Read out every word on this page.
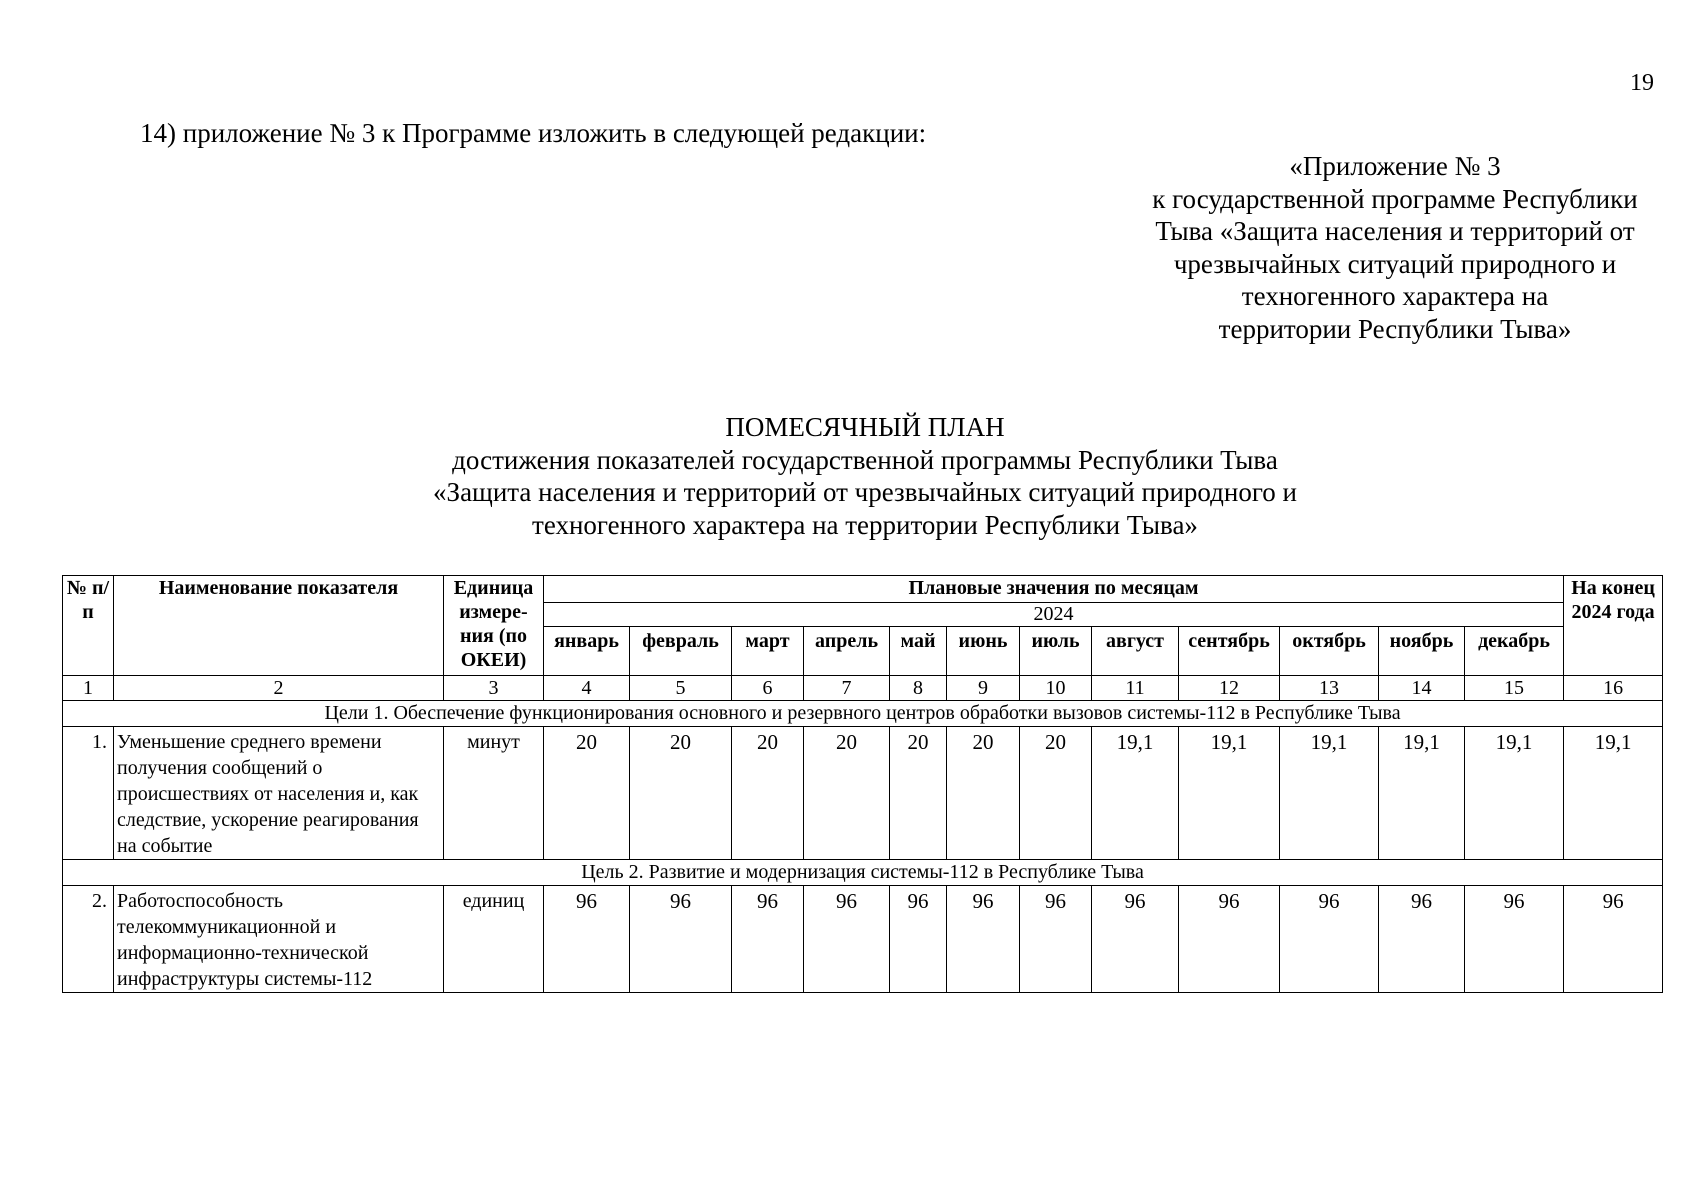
19
14) приложение № 3 к Программе изложить в следующей редакции:
«Приложение № 3
к государственной программе Республики
Тыва «Защита населения и территорий от
чрезвычайных ситуаций природного и
техногенного характера на
территории Республики Тыва»
ПОМЕСЯЧНЫЙ ПЛАН
достижения показателей государственной программы Республики Тыва
«Защита населения и территорий от чрезвычайных ситуаций природного и
техногенного характера на территории Республики Тыва»
№ п/п	Наименование показателя	Единица измере-ния (по ОКЕИ)	Плановые значения по месяцам												На конец 2024 года
			2024												
			январь	февраль	март	апрель	май	июнь	июль	август	сентябрь	октябрь	ноябрь	декабрь	
1	2	3	4	5	6	7	8	9	10	11	12	13	14	15	16
Цели 1. Обеспечение функционирования основного и резервного центров обработки вызовов системы-112 в Республике Тыва															
1.	Уменьшение среднего времени получения сообщений о происшествиях от населения и, как следствие, ускорение реагирования на событие	минут	20	20	20	20	20	20	20	19,1	19,1	19,1	19,1	19,1	19,1
Цель 2. Развитие и модернизация системы-112 в Республике Тыва															
2.	Работоспособность телекоммуникационной и информационно-технической инфраструктуры системы-112	единиц	96	96	96	96	96	96	96	96	96	96	96	96	96
